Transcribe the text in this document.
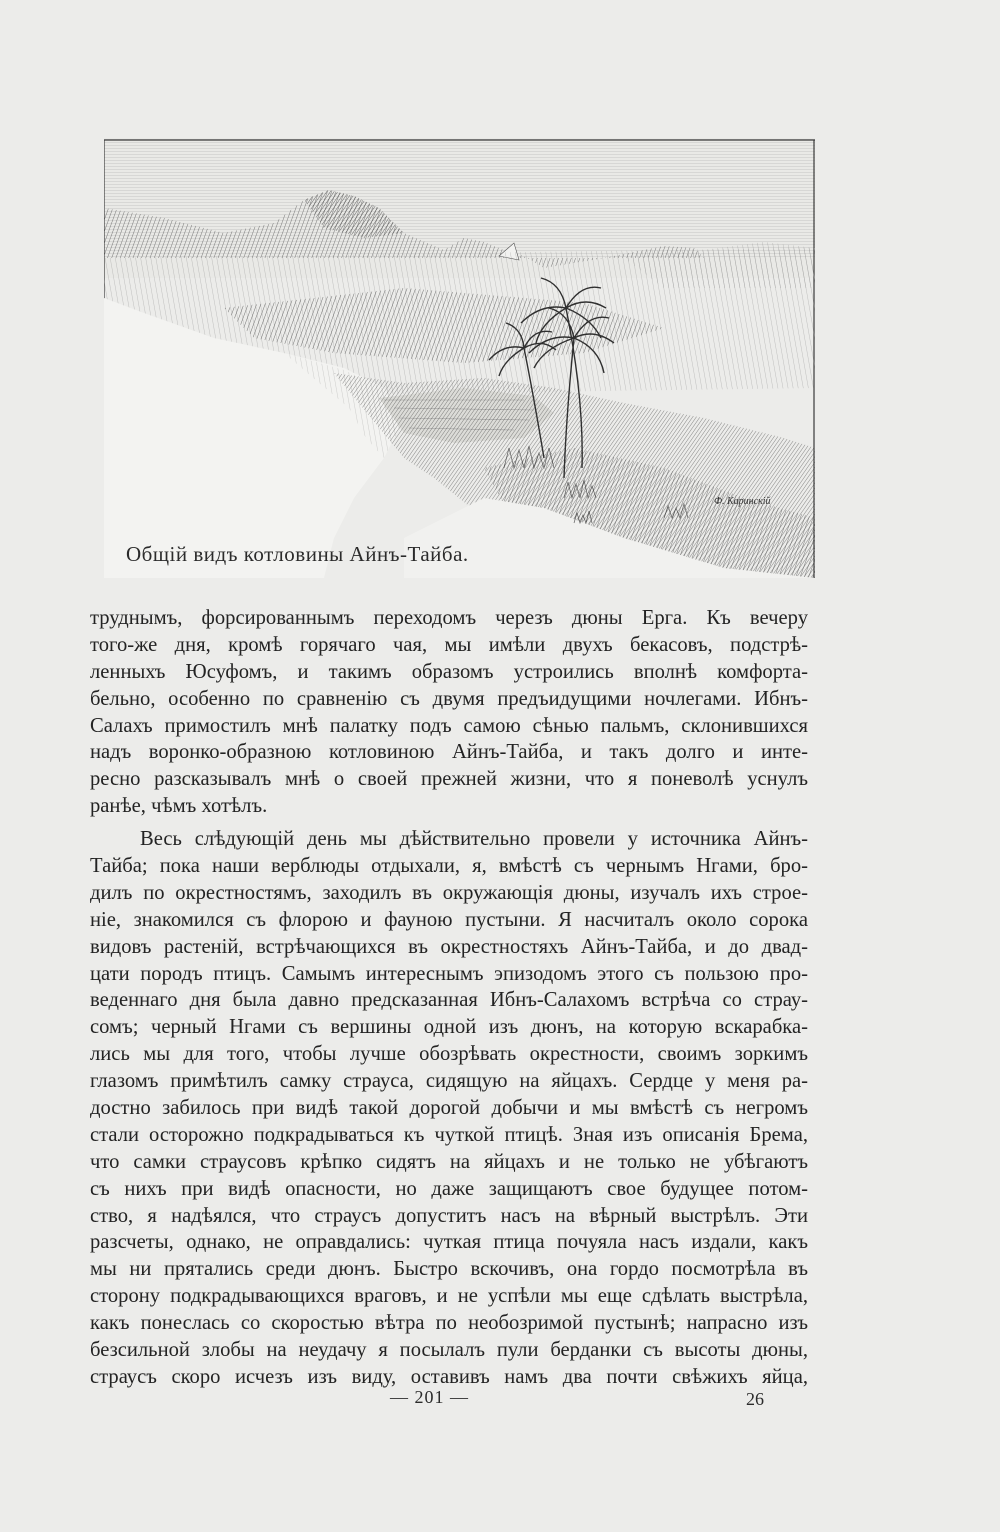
Ф. Каринскій
Общій видъ котловины Айнъ-Тайба.
труднымъ, форсированнымъ переходомъ черезъ дюны Ерга. Къ вечеру
того-же дня, кромѣ горячаго чая, мы имѣли двухъ бекасовъ, подстрѣ-
ленныхъ Юсуфомъ, и такимъ образомъ устроились вполнѣ комфорта-
бельно, особенно по сравненію съ двумя предъидущими ночлегами. Ибнъ-
Салахъ примостилъ мнѣ палатку подъ самою сѣнью пальмъ, склонившихся
надъ воронко-образною котловиною Айнъ-Тайба, и такъ долго и инте-
ресно разсказывалъ мнѣ о своей прежней жизни, что я поневолѣ уснулъ
ранѣе, чѣмъ хотѣлъ.
Весь слѣдующій день мы дѣйствительно провели у источника Айнъ-
Тайба; пока наши верблюды отдыхали, я, вмѣстѣ съ чернымъ Нгами, бро-
дилъ по окрестностямъ, заходилъ въ окружающія дюны, изучалъ ихъ строе-
ніе, знакомился съ флорою и фауною пустыни. Я насчиталъ около сорока
видовъ растеній, встрѣчающихся въ окрестностяхъ Айнъ-Тайба, и до двад-
цати породъ птицъ. Самымъ интереснымъ эпизодомъ этого съ пользою про-
веденнаго дня была давно предсказанная Ибнъ-Салахомъ встрѣча со страу-
сомъ; черный Нгами съ вершины одной изъ дюнъ, на которую вскарабка-
лись мы для того, чтобы лучше обозрѣвать окрестности, своимъ зоркимъ
глазомъ примѣтилъ самку страуса, сидящую на яйцахъ. Сердце у меня ра-
достно забилось при видѣ такой дорогой добычи и мы вмѣстѣ съ негромъ
стали осторожно подкрадываться къ чуткой птицѣ. Зная изъ описанія Брема,
что самки страусовъ крѣпко сидятъ на яйцахъ и не только не убѣгаютъ
съ нихъ при видѣ опасности, но даже защищаютъ свое будущее потом-
ство, я надѣялся, что страусъ допуститъ насъ на вѣрный выстрѣлъ. Эти
разсчеты, однако, не оправдались: чуткая птица почуяла насъ издали, какъ
мы ни прятались среди дюнъ. Быстро вскочивъ, она гордо посмотрѣла въ
сторону подкрадывающихся враговъ, и не успѣли мы еще сдѣлать выстрѣла,
какъ понеслась со скоростью вѣтра по необозримой пустынѣ; напрасно изъ
безсильной злобы на неудачу я посылалъ пули берданки съ высоты дюны,
страусъ скоро исчезъ изъ виду, оставивъ намъ два почти свѣжихъ яйца,
— 201 —	26
